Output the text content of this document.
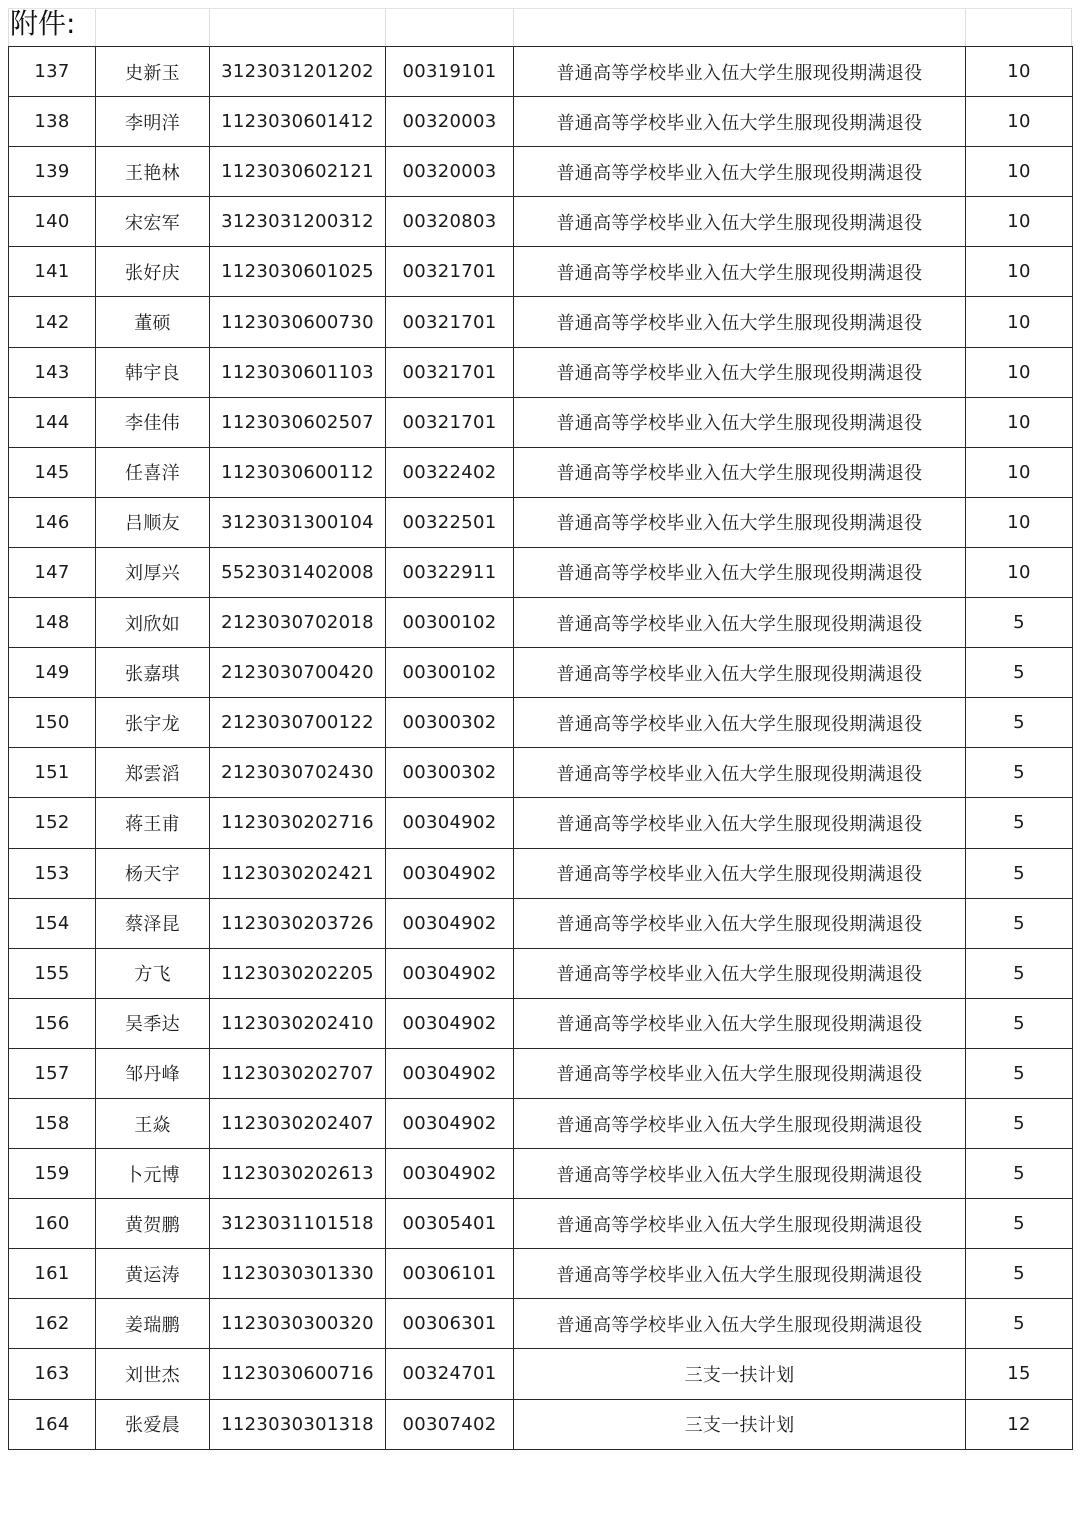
附件:
137	史新玉	3123031201202	00319101	普通高等学校毕业入伍大学生服现役期满退役	10
138	李明洋	1123030601412	00320003	普通高等学校毕业入伍大学生服现役期满退役	10
139	王艳林	1123030602121	00320003	普通高等学校毕业入伍大学生服现役期满退役	10
140	宋宏军	3123031200312	00320803	普通高等学校毕业入伍大学生服现役期满退役	10
141	张好庆	1123030601025	00321701	普通高等学校毕业入伍大学生服现役期满退役	10
142	董硕	1123030600730	00321701	普通高等学校毕业入伍大学生服现役期满退役	10
143	韩宇良	1123030601103	00321701	普通高等学校毕业入伍大学生服现役期满退役	10
144	李佳伟	1123030602507	00321701	普通高等学校毕业入伍大学生服现役期满退役	10
145	任喜洋	1123030600112	00322402	普通高等学校毕业入伍大学生服现役期满退役	10
146	吕顺友	3123031300104	00322501	普通高等学校毕业入伍大学生服现役期满退役	10
147	刘厚兴	5523031402008	00322911	普通高等学校毕业入伍大学生服现役期满退役	10
148	刘欣如	2123030702018	00300102	普通高等学校毕业入伍大学生服现役期满退役	5
149	张嘉琪	2123030700420	00300102	普通高等学校毕业入伍大学生服现役期满退役	5
150	张宇龙	2123030700122	00300302	普通高等学校毕业入伍大学生服现役期满退役	5
151	郑雲滔	2123030702430	00300302	普通高等学校毕业入伍大学生服现役期满退役	5
152	蒋王甫	1123030202716	00304902	普通高等学校毕业入伍大学生服现役期满退役	5
153	杨天宇	1123030202421	00304902	普通高等学校毕业入伍大学生服现役期满退役	5
154	蔡泽昆	1123030203726	00304902	普通高等学校毕业入伍大学生服现役期满退役	5
155	方飞	1123030202205	00304902	普通高等学校毕业入伍大学生服现役期满退役	5
156	吴季达	1123030202410	00304902	普通高等学校毕业入伍大学生服现役期满退役	5
157	邹丹峰	1123030202707	00304902	普通高等学校毕业入伍大学生服现役期满退役	5
158	王焱	1123030202407	00304902	普通高等学校毕业入伍大学生服现役期满退役	5
159	卜元博	1123030202613	00304902	普通高等学校毕业入伍大学生服现役期满退役	5
160	黄贺鹏	3123031101518	00305401	普通高等学校毕业入伍大学生服现役期满退役	5
161	黄运涛	1123030301330	00306101	普通高等学校毕业入伍大学生服现役期满退役	5
162	姜瑞鹏	1123030300320	00306301	普通高等学校毕业入伍大学生服现役期满退役	5
163	刘世杰	1123030600716	00324701	三支一扶计划	15
164	张爱晨	1123030301318	00307402	三支一扶计划	12
